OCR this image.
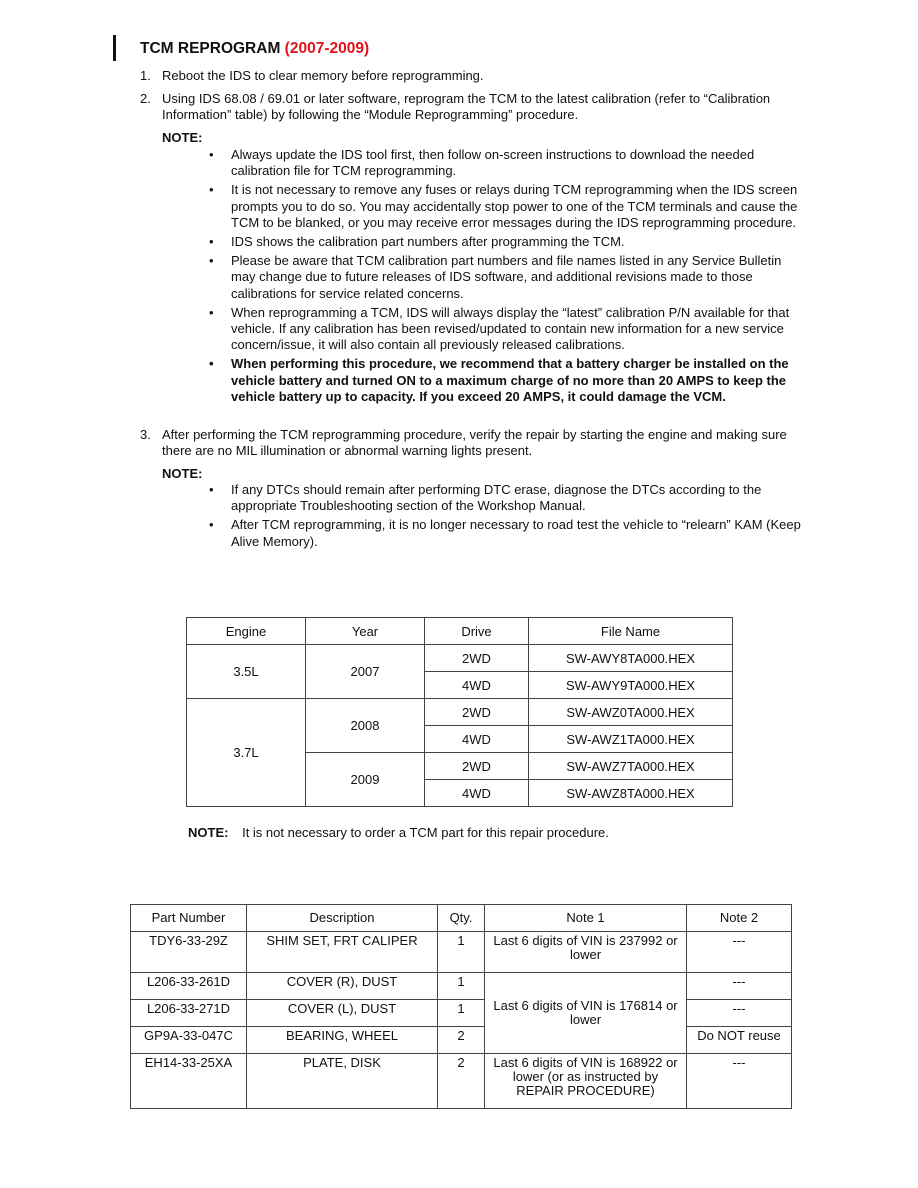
TCM REPROGRAM (2007-2009)
1. Reboot the IDS to clear memory before reprogramming.
2. Using IDS 68.08 / 69.01 or later software, reprogram the TCM to the latest calibration (refer to “Calibration Information” table) by following the “Module Reprogramming” procedure.
NOTE:
• Always update the IDS tool first, then follow on-screen instructions to download the needed calibration file for TCM reprogramming.
• It is not necessary to remove any fuses or relays during TCM reprogramming when the IDS screen prompts you to do so. You may accidentally stop power to one of the TCM terminals and cause the TCM to be blanked, or you may receive error messages during the IDS reprogramming procedure.
• IDS shows the calibration part numbers after programming the TCM.
• Please be aware that TCM calibration part numbers and file names listed in any Service Bulletin may change due to future releases of IDS software, and additional revisions made to those calibrations for service related concerns.
• When reprogramming a TCM, IDS will always display the “latest” calibration P/N available for that vehicle. If any calibration has been revised/updated to contain new information for a new service concern/issue, it will also contain all previously released calibrations.
• When performing this procedure, we recommend that a battery charger be installed on the vehicle battery and turned ON to a maximum charge of no more than 20 AMPS to keep the vehicle battery up to capacity. If you exceed 20 AMPS, it could damage the VCM.
3. After performing the TCM reprogramming procedure, verify the repair by starting the engine and making sure there are no MIL illumination or abnormal warning lights present.
NOTE:
• If any DTCs should remain after performing DTC erase, diagnose the DTCs according to the appropriate Troubleshooting section of the Workshop Manual.
• After TCM reprogramming, it is no longer necessary to road test the vehicle to “relearn” KAM (Keep Alive Memory).
Engine	Year	Drive	File Name
3.5L	2007	2WD	SW-AWY8TA000.HEX
		4WD	SW-AWY9TA000.HEX
3.7L	2008	2WD	SW-AWZ0TA000.HEX
		4WD	SW-AWZ1TA000.HEX
	2009	2WD	SW-AWZ7TA000.HEX
		4WD	SW-AWZ8TA000.HEX
NOTE: It is not necessary to order a TCM part for this repair procedure.
Part Number	Description	Qty.	Note 1	Note 2
TDY6-33-29Z	SHIM SET, FRT CALIPER	1	Last 6 digits of VIN is 237992 or lower	---
L206-33-261D	COVER (R), DUST	1	Last 6 digits of VIN is 176814 or lower	---
L206-33-271D	COVER (L), DUST	1		---
GP9A-33-047C	BEARING, WHEEL	2		Do NOT reuse
EH14-33-25XA	PLATE, DISK	2	Last 6 digits of VIN is 168922 or lower (or as instructed by REPAIR PROCEDURE)	---
